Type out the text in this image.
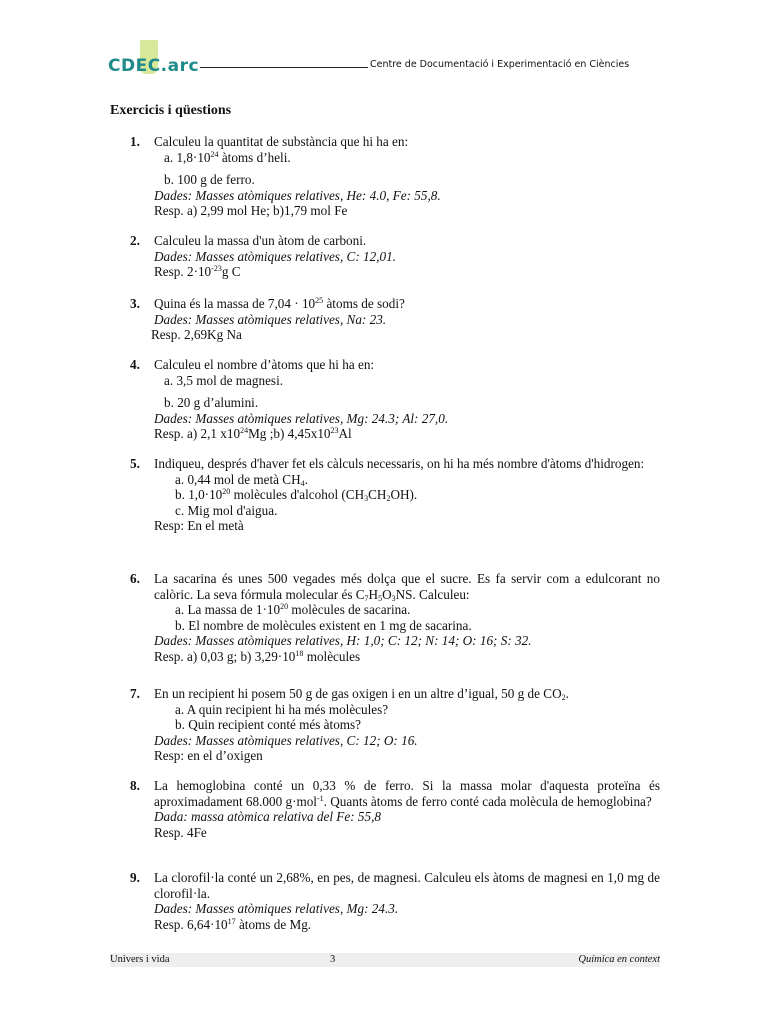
CDEC.arc	Centre de Documentació i Experimentació en Ciències
Exercicis i qüestions
1. Calculeu la quantitat de substància que hi ha en:

a. $1,8\cdot 10^{24}$ àtoms d’heli.

b. 100 g de ferro.

Dades: Masses atòmiques relatives, He: 4.0, Fe: 55,8.

Resp. a) 2,99 mol He; b)1,79 mol Fe

2. Calculeu la massa d'un àtom de carboni.

Dades: Masses atòmiques relatives, C: 12,01.

Resp. $2\cdot 10^{-23}g$ C

3. Quina és la massa de $7,04 \cdot 10^{25}$ àtoms de sodi?

Dades: Masses atòmiques relatives, Na: 23.

Resp. 2,69Kg Na

4. Calculeu el nombre d’àtoms que hi ha en:

a. 3,5 mol de magnesi.

b. 20 g d’alumini.

Dades: Masses atòmiques relatives, Mg: 24.3; Al: 27,0.

Resp. a) 2,1 $x10^{24}Mg$ ;b) $4,45x10^{23}Al$

5. Indiqueu, després d'haver fet els càlculs necessaris, on hi ha més nombre d'àtoms d'hidrogen:

a. 0,44 mol de metà $CH_4$.

b. $1,0\cdot 10^{20}$ molècules d'alcohol $(CH_3CH_2OH)$.

c. Mig mol d'aigua.

Resp: En el metà

6. La sacarina és unes 500 vegades més dolça que el sucre. Es fa servir com a edulcorant no calòric. La seva fórmula molecular és $C_7H_5O_3NS$. Calculeu:

a. La massa de $1\cdot 10^{20}$ molècules de sacarina.

b. El nombre de molècules existent en 1 mg de sacarina.

Dades: Masses atòmiques relatives, H: 1,0; C: 12; N: 14; O: 16; S: 32.

Resp. a) 0,03 g; b) $3,29\cdot 10^{18}$ molècules

7. En un recipient hi posem 50 g de gas oxigen i en un altre d’igual, 50 g de $CO_2$.

a. A quin recipient hi ha més molècules?

b. Quin recipient conté més àtoms?

Dades: Masses atòmiques relatives, C: 12; O: 16.

Resp: en el d’oxigen

8. La hemoglobina conté un 0,33 % de ferro. Si la massa molar d'aquesta proteïna és aproximadament 68.000 g·mol$^{-1}$. Quants àtoms de ferro conté cada molècula de hemoglobina?

Dada: massa atòmica relativa del Fe: 55,8

Resp. 4Fe

9. La clorofil·la conté un 2,68%, en pes, de magnesi. Calculeu els àtoms de magnesi en 1,0 mg de clorofil·la.

Dades: Masses atòmiques relatives, Mg: 24.3.

Resp. $6,64\cdot 10^{17}$ àtoms de Mg.

Univers i vida	3	Química en context
